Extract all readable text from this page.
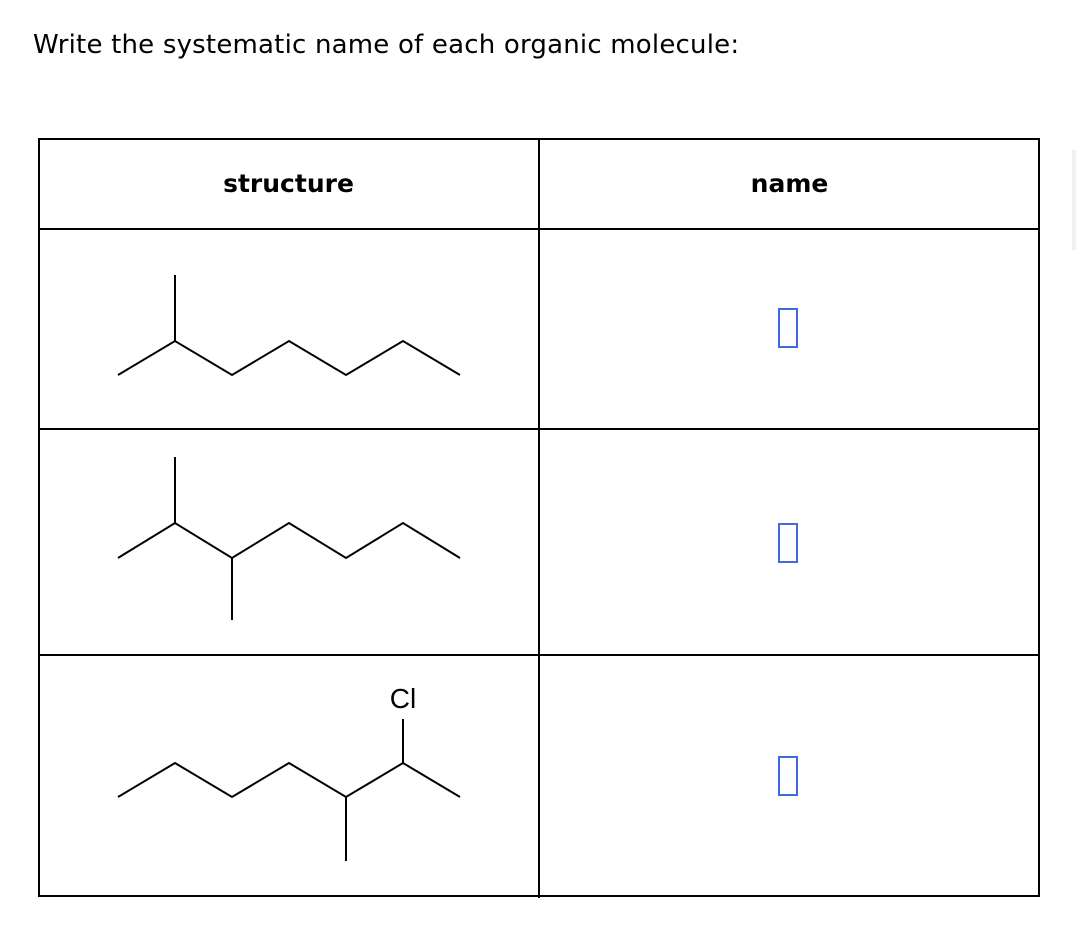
Write the systematic name of each organic molecule:
structure	name
Cl
